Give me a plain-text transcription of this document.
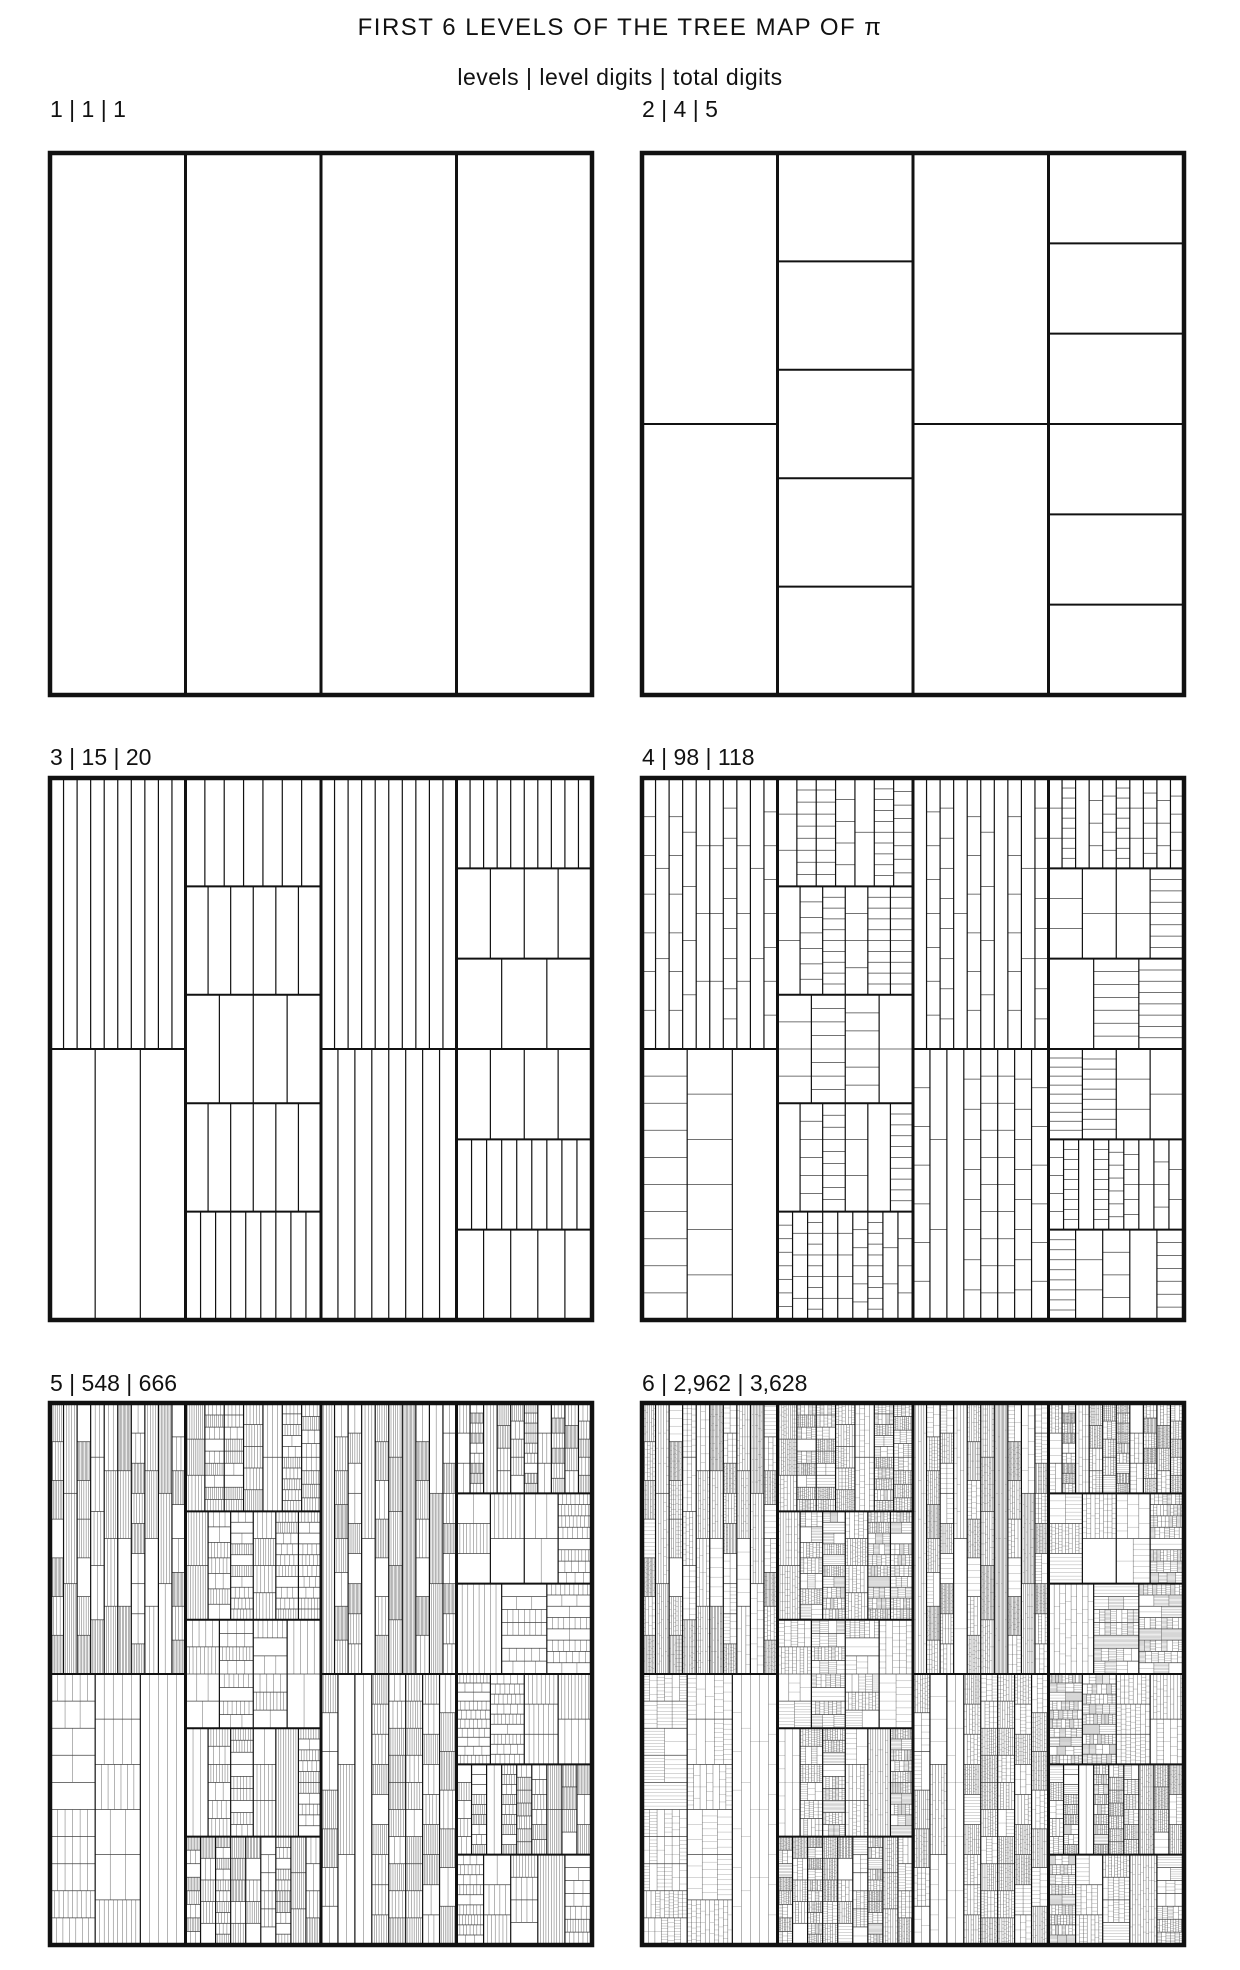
FIRST 6 LEVELS OF THE TREE MAP OF π
levels | level digits | total digits
1 | 1 | 1	2 | 4 | 5
3 | 15 | 20	4 | 98 | 118
5 | 548 | 666	6 | 2,962 | 3,628
